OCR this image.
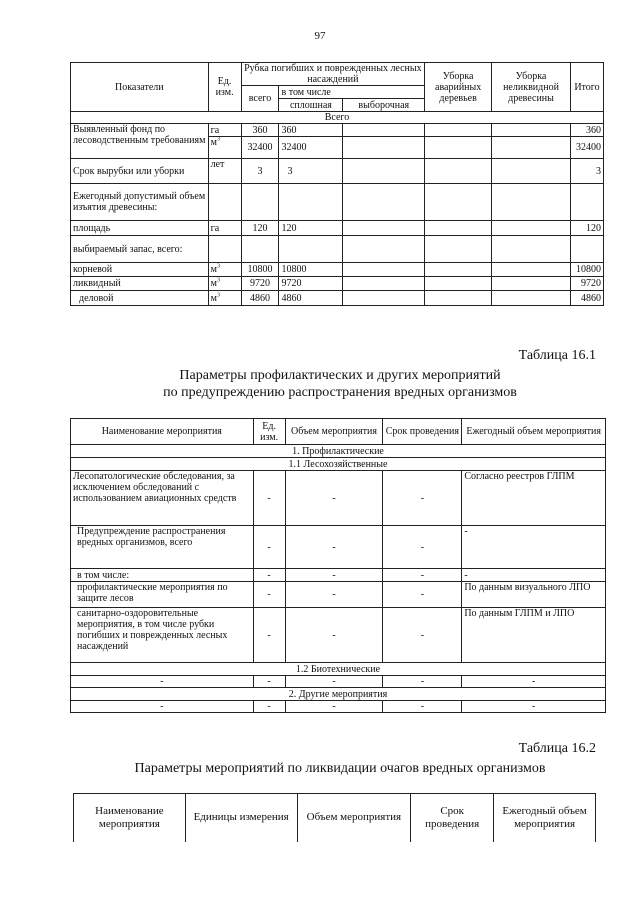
97
Показатели	Ед. изм.	Рубка погибших и поврежденных лесных насаждений			Уборка аварийных деревьев	Уборка неликвидной древесины	Итого
		всего	в том числе				
			сплошная	выборочная			
Всего							
Выявленный фонд по лесоводственным требованиям	га	360	360				360
	$м^3$	32400	32400				32400
Срок вырубки или уборки	лет	3	3				3
Ежегодный допустимый объем изъятия древесины:							
площадь	га	120	120				120
выбираемый запас, всего:							
корневой	$м^3$	10800	10800				10800
ликвидный	$м^3$	9720	9720				9720
деловой	$м^3$	4860	4860				4860
Таблица 16.1
Параметры профилактических и других мероприятий
по предупреждению распространения вредных организмов
Наименование мероприятия	Ед. изм.	Объем мероприятия	Срок проведения	Ежегодный объем мероприятия
1. Профилактические				
1.1 Лесохозяйственные				
Лесопатологические обследования, за исключением обследований с использованием авиационных средств	-	-	-	Согласно реестров ГЛПМ
Предупреждение распространения вредных организмов, всего	-	-	-	-
в том числе:	-	-	-	-
профилактические мероприятия по защите лесов	-	-	-	По данным визуального ЛПО
санитарно-оздоровительные мероприятия, в том числе рубки погибших и поврежденных лесных насаждений	-	-	-	По данным ГЛПМ и ЛПО
1.2 Биотехнические				
-	-	-	-	-
2. Другие мероприятия				
-	-	-	-	-
Таблица 16.2
Параметры мероприятий по ликвидации очагов вредных организмов
Наименование мероприятия	Единицы измерения	Объем мероприятия	Срок проведения	Ежегодный объем мероприятия
